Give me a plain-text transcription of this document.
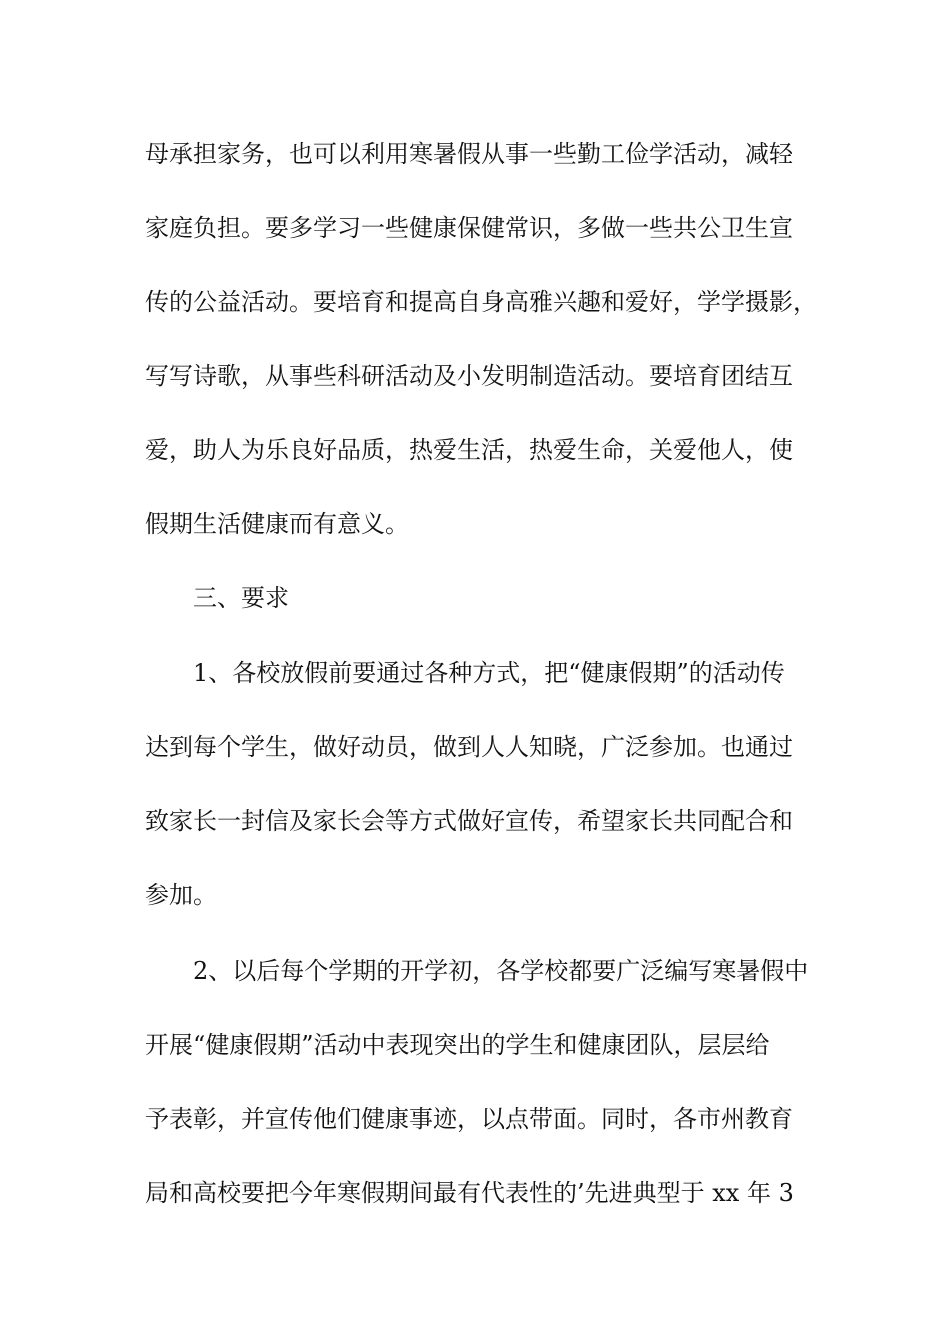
母承担家务，也可以利用寒暑假从事一些勤工俭学活动，减轻
家庭负担。要多学习一些健康保健常识，多做一些共公卫生宣
传的公益活动。要培育和提高自身高雅兴趣和爱好，学学摄影，
写写诗歌，从事些科研活动及小发明制造活动。要培育团结互
爱，助人为乐良好品质，热爱生活，热爱生命，关爱他人，使
假期生活健康而有意义。
三、要求
1、各校放假前要通过各种方式，把“健康假期”的活动传
达到每个学生，做好动员，做到人人知晓，广泛参加。也通过
致家长一封信及家长会等方式做好宣传，希望家长共同配合和
参加。
2、以后每个学期的开学初，各学校都要广泛编写寒暑假中
开展“健康假期”活动中表现突出的学生和健康团队，层层给
予表彰，并宣传他们健康事迹，以点带面。同时，各市州教育
局和高校要把今年寒假期间最有代表性的’先进典型于 xx 年 3
